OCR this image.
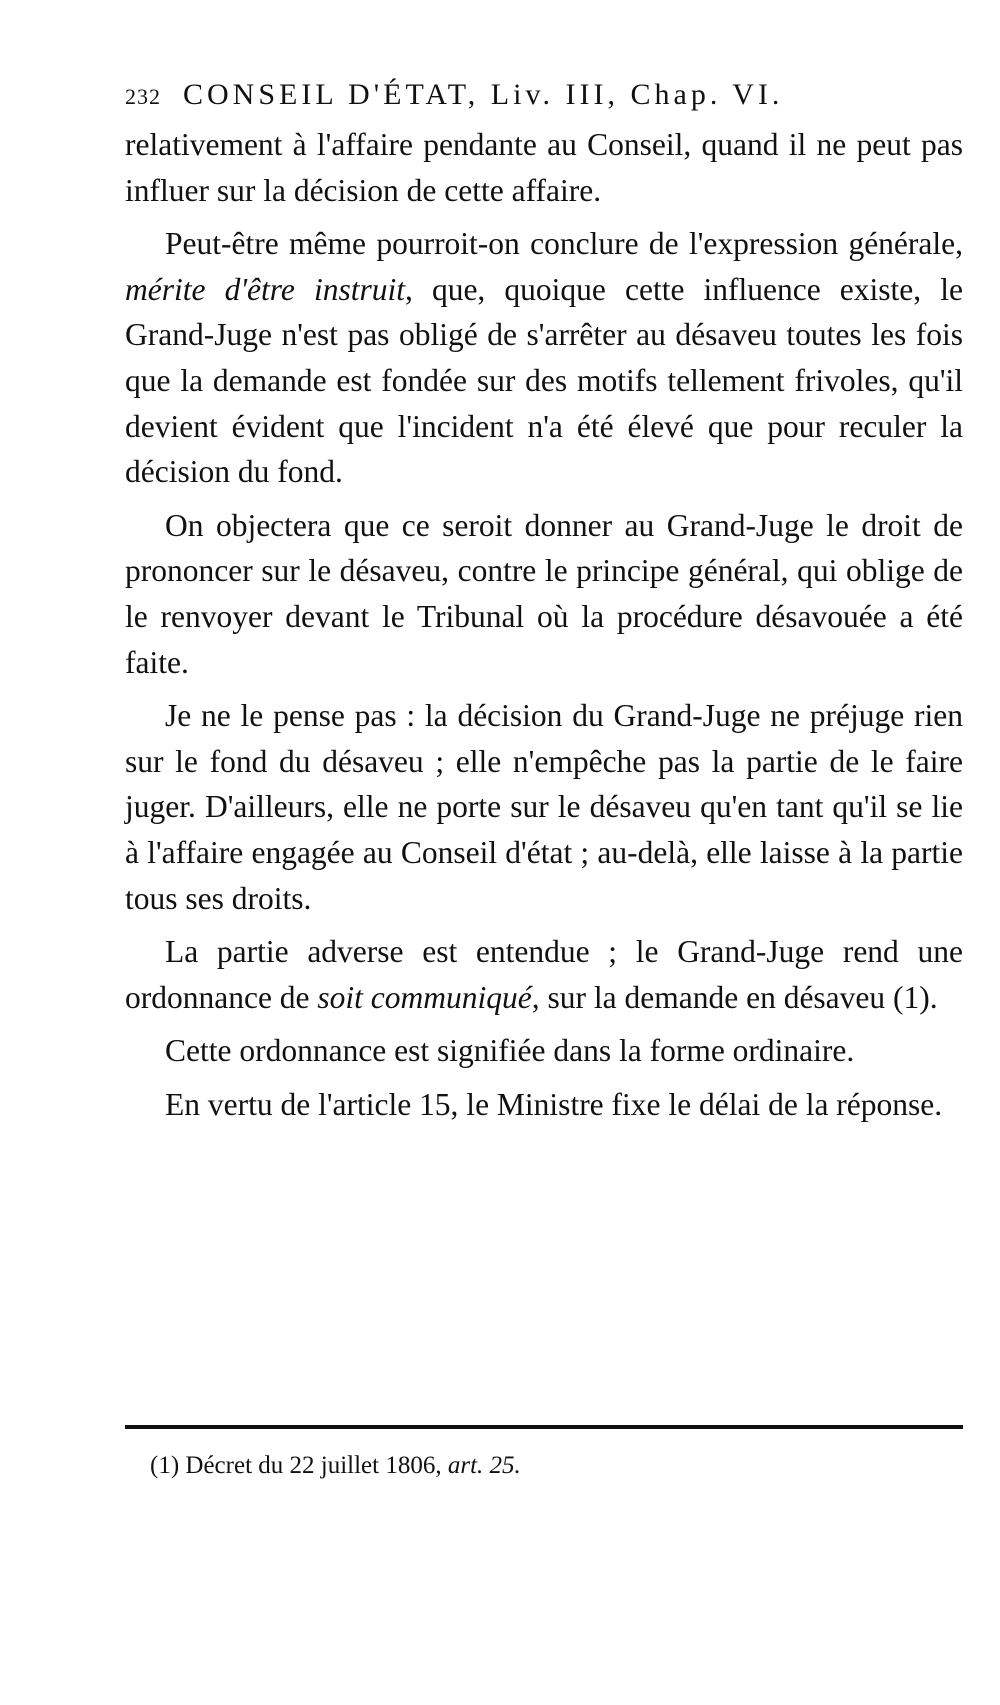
232 CONSEIL D'ÉTAT, Liv. III, Chap. VI.

relativement à l'affaire pendante au Conseil, quand il ne peut pas influer sur la décision de cette affaire.

Peut-être même pourroit-on conclure de l'expression générale, mérite d'être instruit, que, quoique cette influence existe, le Grand-Juge n'est pas obligé de s'arrêter au désaveu toutes les fois que la demande est fondée sur des motifs tellement frivoles, qu'il devient évident que l'incident n'a été élevé que pour reculer la décision du fond.

On objectera que ce seroit donner au Grand-Juge le droit de prononcer sur le désaveu, contre le principe général, qui oblige de le renvoyer devant le Tribunal où la procédure désavouée a été faite.

Je ne le pense pas : la décision du Grand-Juge ne préjuge rien sur le fond du désaveu ; elle n'empêche pas la partie de le faire juger. D'ailleurs, elle ne porte sur le désaveu qu'en tant qu'il se lie à l'affaire engagée au Conseil d'état ; au-delà, elle laisse à la partie tous ses droits.

La partie adverse est entendue ; le Grand-Juge rend une ordonnance de soit communiqué, sur la demande en désaveu (1).

Cette ordonnance est signifiée dans la forme ordinaire.

En vertu de l'article 15, le Ministre fixe le délai de la réponse.

(1) Décret du 22 juillet 1806, art. 25.
